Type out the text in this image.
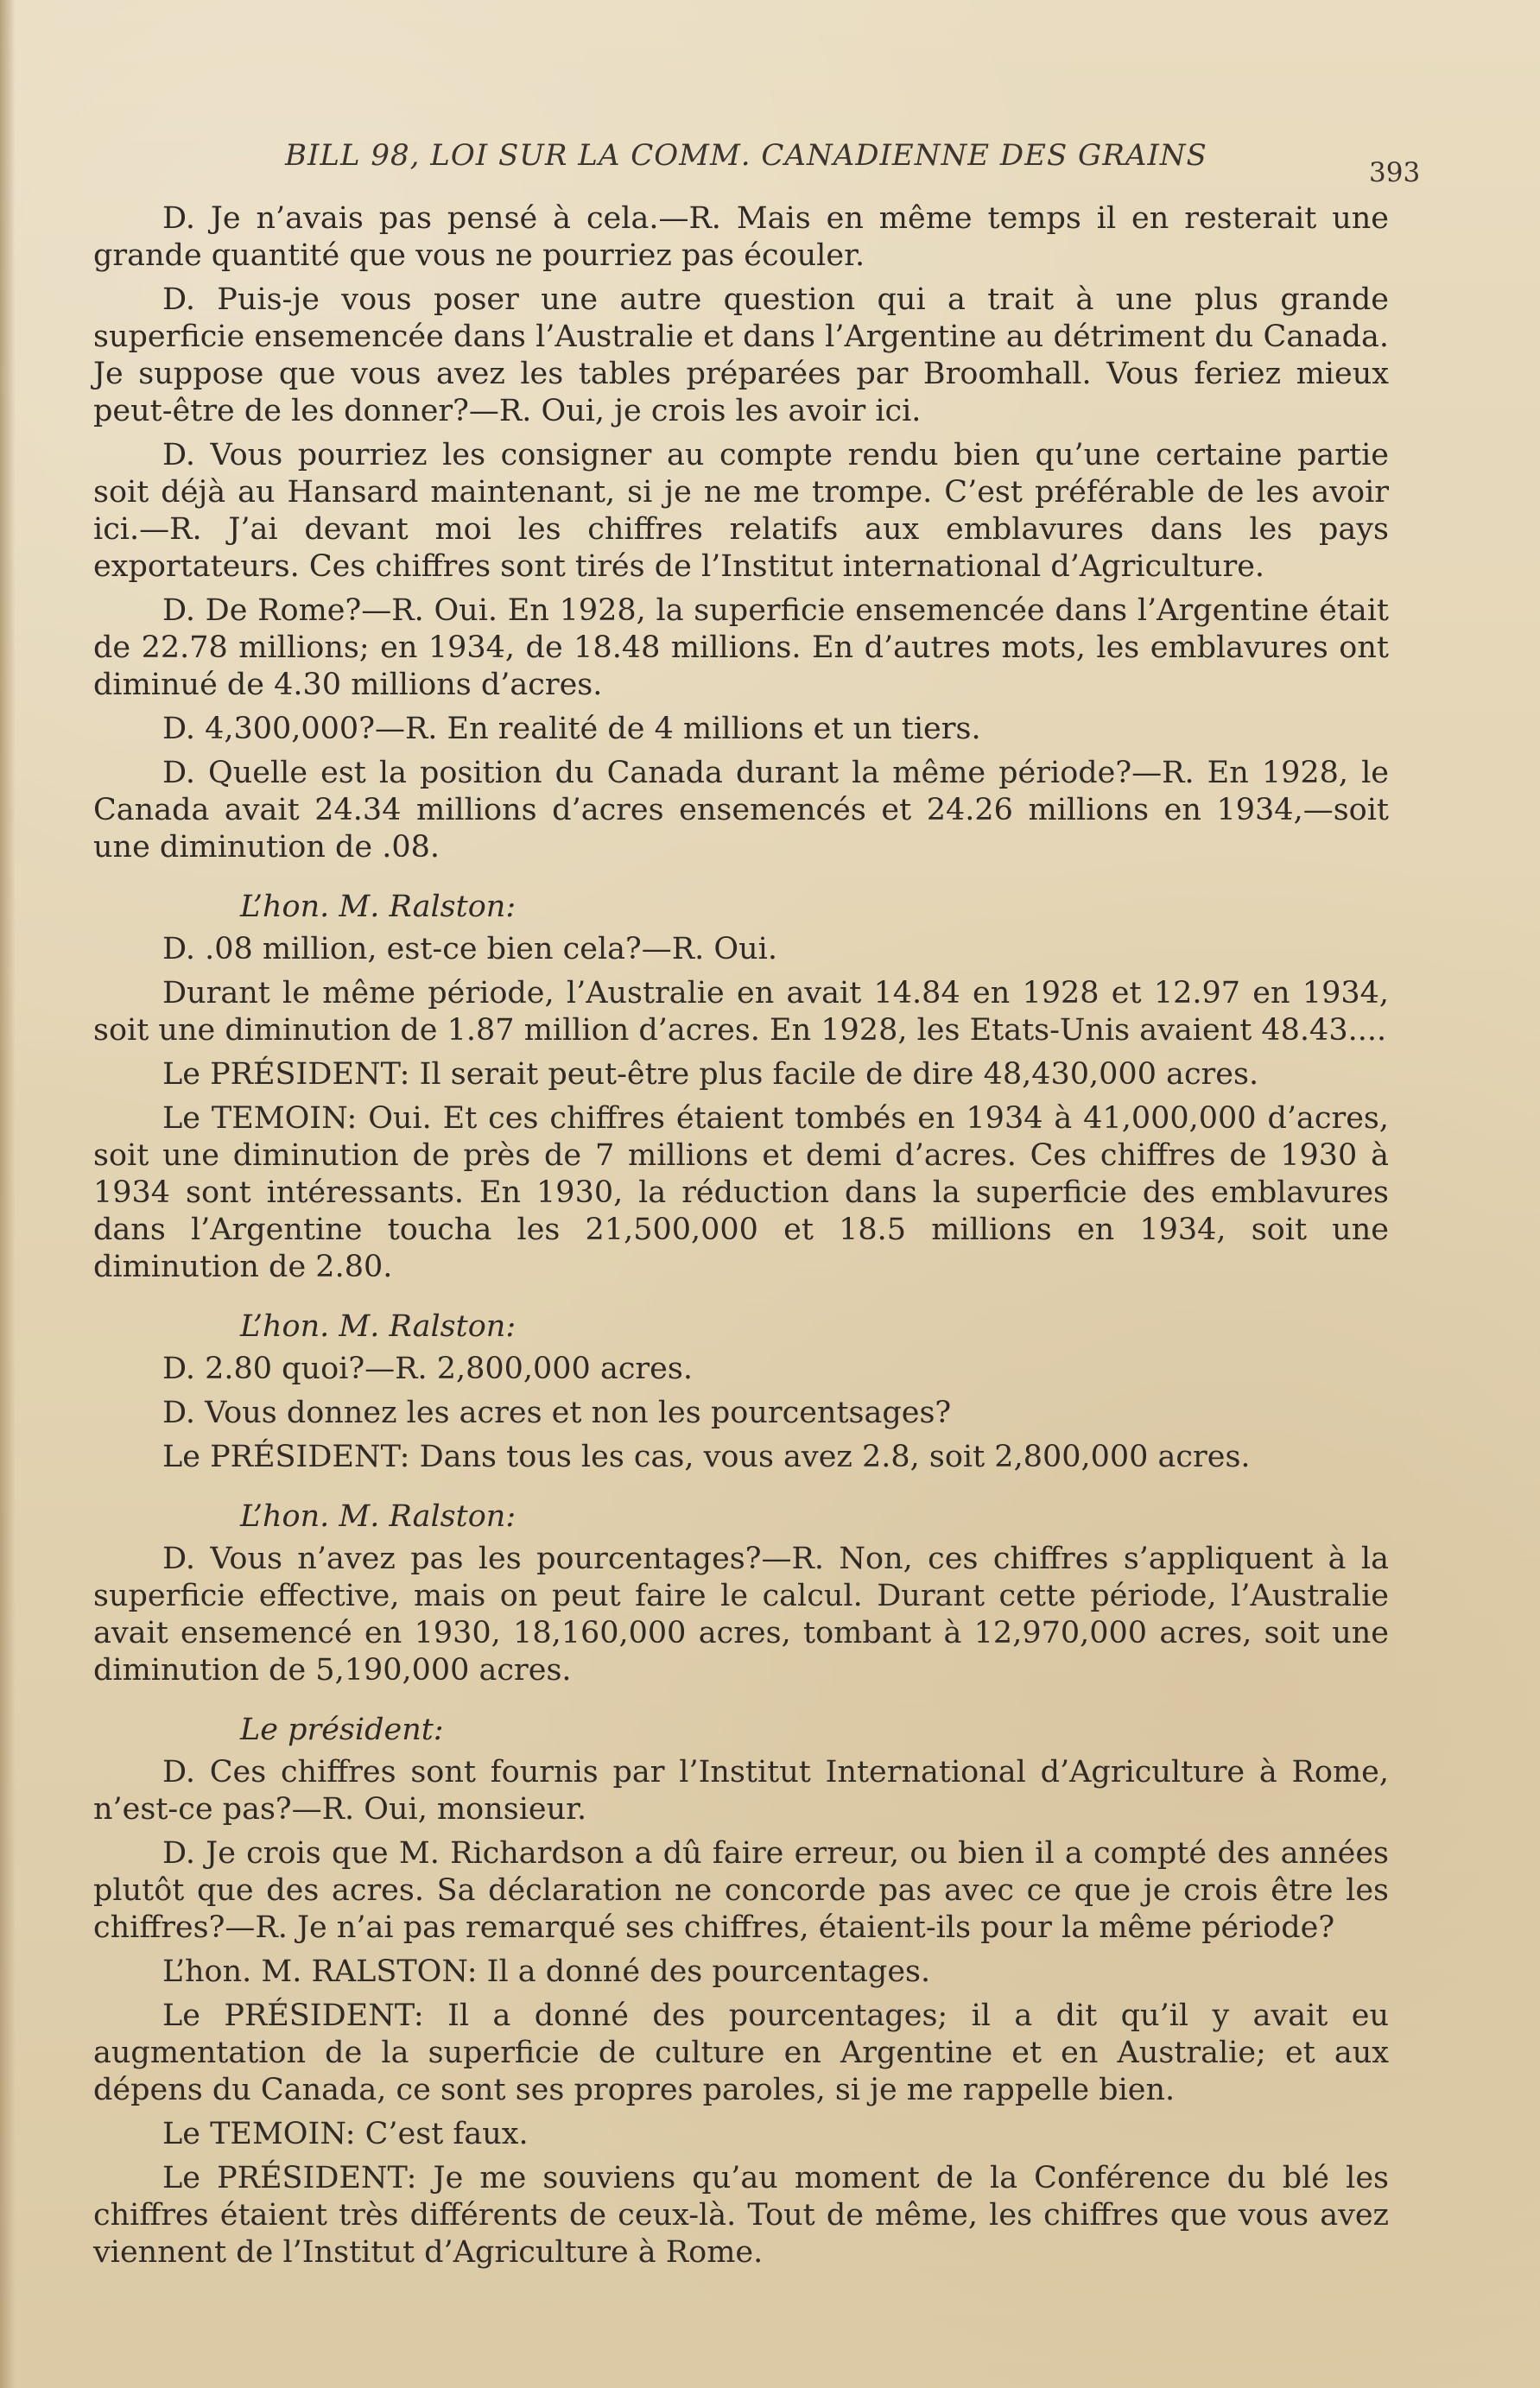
BILL 98, LOI SUR LA COMM. CANADIENNE DES GRAINS	393

D. Je n’avais pas pensé à cela.—R. Mais en même temps il en resterait une grande quantité que vous ne pourriez pas écouler.

D. Puis-je vous poser une autre question qui a trait à une plus grande superficie ensemencée dans l’Australie et dans l’Argentine au détriment du Canada. Je suppose que vous avez les tables préparées par Broomhall. Vous feriez mieux peut-être de les donner?—R. Oui, je crois les avoir ici.

D. Vous pourriez les consigner au compte rendu bien qu’une certaine partie soit déjà au Hansard maintenant, si je ne me trompe. C’est préférable de les avoir ici.—R. J’ai devant moi les chiffres relatifs aux emblavures dans les pays exportateurs. Ces chiffres sont tirés de l’Institut international d’Agriculture.

D. De Rome?—R. Oui. En 1928, la superficie ensemencée dans l’Argentine était de 22.78 millions; en 1934, de 18.48 millions. En d’autres mots, les emblavures ont diminué de 4.30 millions d’acres.

D. 4,300,000?—R. En realité de 4 millions et un tiers.

D. Quelle est la position du Canada durant la même période?—R. En 1928, le Canada avait 24.34 millions d’acres ensemencés et 24.26 millions en 1934,—soit une diminution de .08.

L’hon. M. Ralston:

D. .08 million, est-ce bien cela?—R. Oui.

Durant le même période, l’Australie en avait 14.84 en 1928 et 12.97 en 1934, soit une diminution de 1.87 million d’acres. En 1928, les Etats-Unis avaient 48.43....

Le PRÉSIDENT: Il serait peut-être plus facile de dire 48,430,000 acres.

Le TEMOIN: Oui. Et ces chiffres étaient tombés en 1934 à 41,000,000 d’acres, soit une diminution de près de 7 millions et demi d’acres. Ces chiffres de 1930 à 1934 sont intéressants. En 1930, la réduction dans la superficie des emblavures dans l’Argentine toucha les 21,500,000 et 18.5 millions en 1934, soit une diminution de 2.80.

L’hon. M. Ralston:

D. 2.80 quoi?—R. 2,800,000 acres.

D. Vous donnez les acres et non les pourcentsages?

Le PRÉSIDENT: Dans tous les cas, vous avez 2.8, soit 2,800,000 acres.

L’hon. M. Ralston:

D. Vous n’avez pas les pourcentages?—R. Non, ces chiffres s’appliquent à la superficie effective, mais on peut faire le calcul. Durant cette période, l’Australie avait ensemencé en 1930, 18,160,000 acres, tombant à 12,970,000 acres, soit une diminution de 5,190,000 acres.

Le président:

D. Ces chiffres sont fournis par l’Institut International d’Agriculture à Rome, n’est-ce pas?—R. Oui, monsieur.

D. Je crois que M. Richardson a dû faire erreur, ou bien il a compté des années plutôt que des acres. Sa déclaration ne concorde pas avec ce que je crois être les chiffres?—R. Je n’ai pas remarqué ses chiffres, étaient-ils pour la même période?

L’hon. M. RALSTON: Il a donné des pourcentages.

Le PRÉSIDENT: Il a donné des pourcentages; il a dit qu’il y avait eu augmentation de la superficie de culture en Argentine et en Australie; et aux dépens du Canada, ce sont ses propres paroles, si je me rappelle bien.

Le TEMOIN: C’est faux.

Le PRÉSIDENT: Je me souviens qu’au moment de la Conférence du blé les chiffres étaient très différents de ceux-là. Tout de même, les chiffres que vous avez viennent de l’Institut d’Agriculture à Rome.
